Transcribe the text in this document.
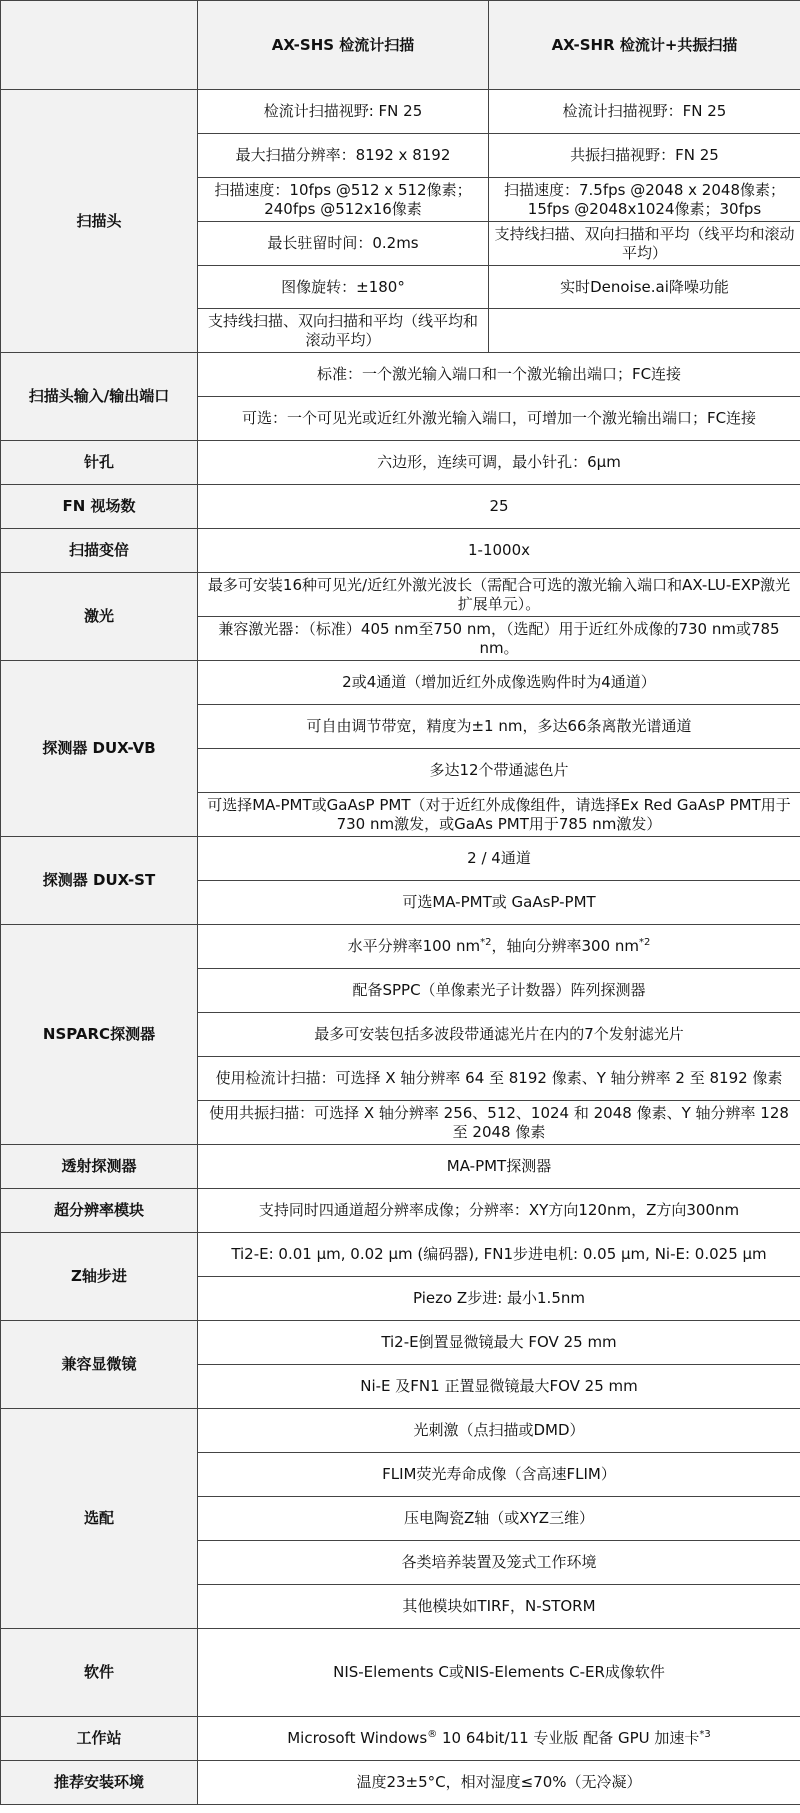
	AX-SHS 检流计扫描	AX-SHR 检流计+共振扫描
扫描头	检流计扫描视野: FN 25	检流计扫描视野：FN 25
	最大扫描分辨率：8192 x 8192	共振扫描视野：FN 25
	扫描速度：10fps @512 x 512像素；240fps @512x16像素	扫描速度：7.5fps @2048 x 2048像素；15fps @2048x1024像素；30fps
	最长驻留时间：0.2ms	支持线扫描、双向扫描和平均（线平均和滚动平均）
	图像旋转：±180°	实时Denoise.ai降噪功能
	支持线扫描、双向扫描和平均（线平均和滚动平均）	
扫描头输入/输出端口	标准：一个激光输入端口和一个激光输出端口；FC连接	
	可选：一个可见光或近红外激光输入端口，可增加一个激光输出端口；FC连接	
针孔	六边形，连续可调，最小针孔：6μm	
FN 视场数	25	
扫描变倍	1-1000x	
激光	最多可安装16种可见光/近红外激光波长（需配合可选的激光输入端口和AX-LU-EXP激光扩展单元）。	
	兼容激光器：（标准）405 nm至750 nm，（选配）用于近红外成像的730 nm或785 nm。	
探测器 DUX-VB	2或4通道（增加近红外成像选购件时为4通道）	
	可自由调节带宽，精度为±1 nm，多达66条离散光谱通道	
	多达12个带通滤色片	
	可选择MA-PMT或GaAsP PMT（对于近红外成像组件，请选择Ex Red GaAsP PMT用于730 nm激发，或GaAs PMT用于785 nm激发）	
探测器 DUX-ST	2 / 4通道	
	可选MA-PMT或 GaAsP-PMT	
NSPARC探测器	水平分辨率100 $nm^{*2}$，轴向分辨率300 $nm^{*2}$
	配备SPPC（单像素光子计数器）阵列探测器	
	最多可安装包括多波段带通滤光片在内的7个发射滤光片	
	使用检流计扫描：可选择 X 轴分辨率 64 至 8192 像素、Y 轴分辨率 2 至 8192 像素	
	使用共振扫描：可选择 X 轴分辨率 256、512、1024 和 2048 像素、Y 轴分辨率 128 至 2048 像素	
透射探测器	MA-PMT探测器	
超分辨率模块	支持同时四通道超分辨率成像；分辨率：XY方向120nm，Z方向300nm	
Z轴步进	Ti2-E: 0.01 μm, 0.02 μm (编码器), FN1步进电机: 0.05 μm, Ni-E: 0.025 μm	
	Piezo Z步进: 最小1.5nm	
兼容显微镜	Ti2-E倒置显微镜最大 FOV 25 mm	
	Ni-E 及FN1 正置显微镜最大FOV 25 mm	
选配	光刺激（点扫描或DMD）	
	FLIM荧光寿命成像（含高速FLIM）	
	压电陶瓷Z轴（或XYZ三维）	
	各类培养装置及笼式工作环境	
	其他模块如TIRF，N-STORM	
软件	NIS-Elements C或NIS-Elements C-ER成像软件	
工作站	Microsoft Windows® 10 64bit/11 专业版 配备 GPU 加速卡$^{*3}$
推荐安装环境	温度23±5°C，相对湿度≤70%（无冷凝）	
